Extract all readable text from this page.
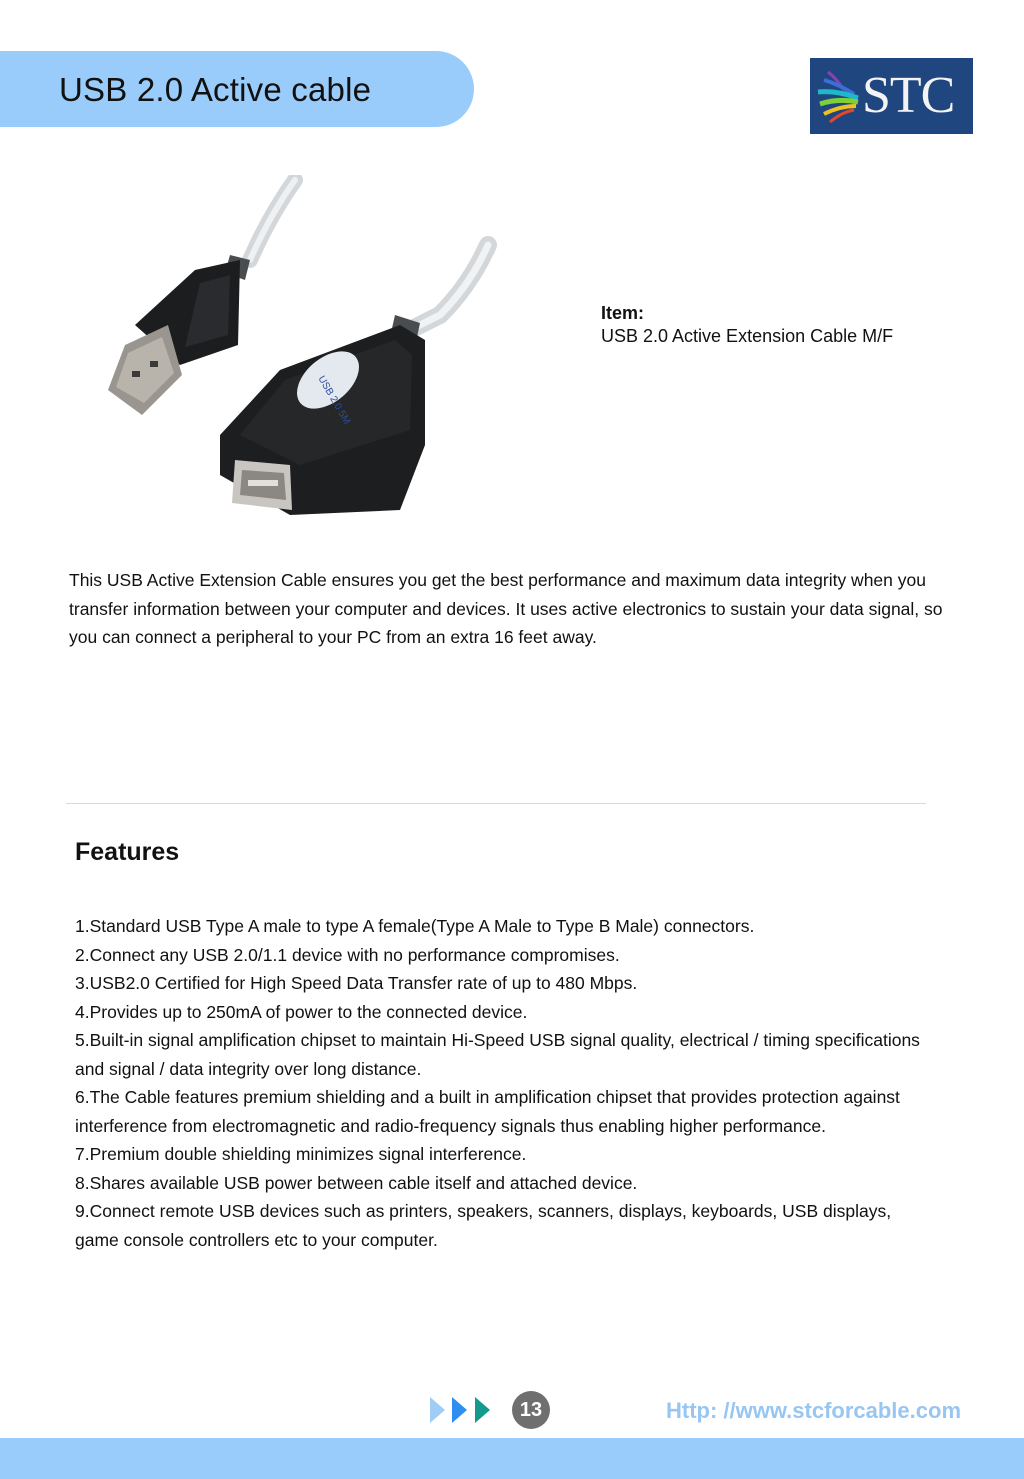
USB 2.0 Active cable	STC
USB 2.0 5M
Item:
USB 2.0 Active Extension Cable M/F

This USB Active Extension Cable ensures you get the best performance and maximum data integrity when you transfer information between your computer and devices. It uses active electronics to sustain your data signal, so you can connect a peripheral to your PC from an extra 16 feet away.

Features
1.Standard USB Type A male to type A female(Type A Male to Type B Male) connectors.
2.Connect any USB 2.0/1.1 device with no performance compromises.
3.USB2.0 Certified for High Speed Data Transfer rate of up to 480 Mbps.
4.Provides up to 250mA of power to the connected device.
5.Built-in signal amplification chipset to maintain Hi-Speed USB signal quality, electrical / timing specifications and signal / data integrity over long distance.
6.The Cable features premium shielding and a built in amplification chipset that provides protection against interference from electromagnetic and radio-frequency signals thus enabling higher performance.
7.Premium double shielding minimizes signal interference.
8.Shares available USB power between cable itself and attached device.
9.Connect remote USB devices such as printers, speakers, scanners, displays, keyboards, USB displays, game console controllers etc to your computer.
13	Http: //www.stcforcable.com
